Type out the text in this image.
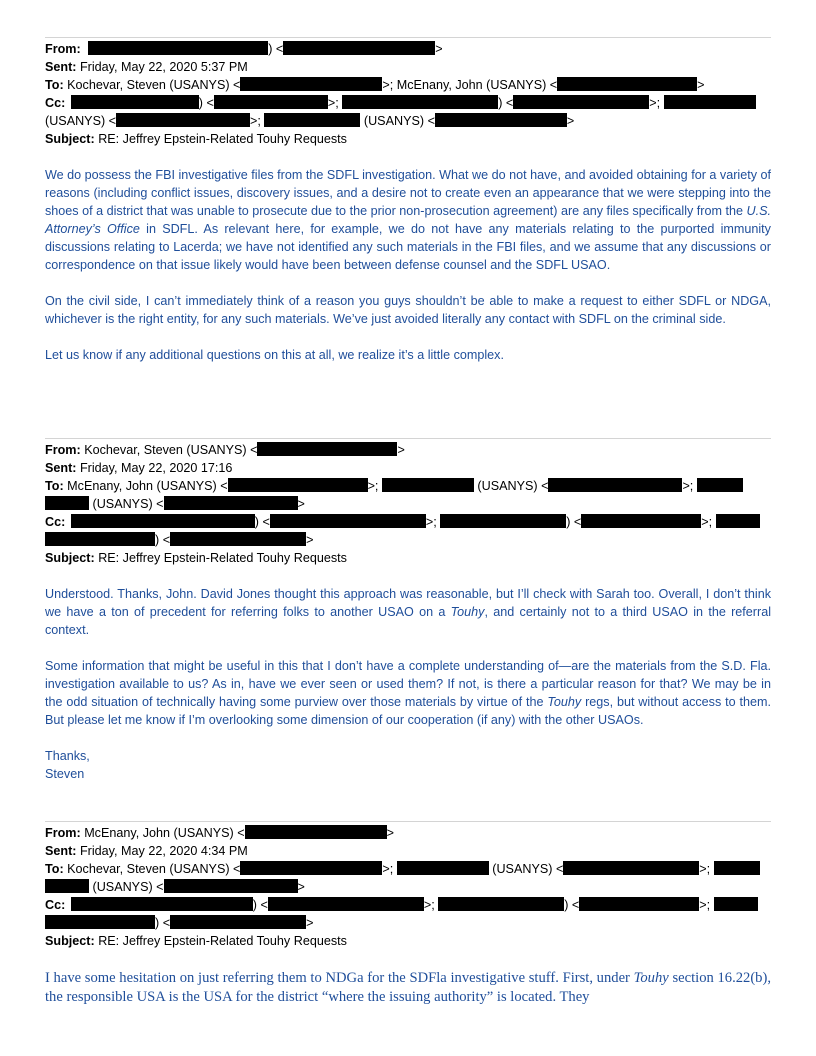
From:	) <	>
Sent: Friday, May 22, 2020 5:37 PM
To: Kochevar, Steven (USANYS) <	>; McEnany, John (USANYS) <	>
Cc:	) <	>;	) <	>;
(USANYS) <	>;	(USANYS) <	>
Subject: RE: Jeffrey Epstein-Related Touhy Requests

We do possess the FBI investigative files from the SDFL investigation. What we do not have, and avoided obtaining for a variety of reasons (including conflict issues, discovery issues, and a desire not to create even an appearance that we were stepping into the shoes of a district that was unable to prosecute due to the prior non-prosecution agreement) are any files specifically from the U.S. Attorney’s Office in SDFL. As relevant here, for example, we do not have any materials relating to the purported immunity discussions relating to Lacerda; we have not identified any such materials in the FBI files, and we assume that any discussions or correspondence on that issue likely would have been between defense counsel and the SDFL USAO.

On the civil side, I can’t immediately think of a reason you guys shouldn’t be able to make a request to either SDFL or NDGA, whichever is the right entity, for any such materials. We’ve just avoided literally any contact with SDFL on the criminal side.

Let us know if any additional questions on this at all, we realize it’s a little complex.

From: Kochevar, Steven (USANYS) <	>
Sent: Friday, May 22, 2020 17:16
To: McEnany, John (USANYS) <	>;	(USANYS) <	>;
(USANYS) <	>
Cc:	) <	>;	) <	>;
) <	>
Subject: RE: Jeffrey Epstein-Related Touhy Requests

Understood. Thanks, John. David Jones thought this approach was reasonable, but I’ll check with Sarah too. Overall, I don’t think we have a ton of precedent for referring folks to another USAO on a Touhy, and certainly not to a third USAO in the referral context.

Some information that might be useful in this that I don’t have a complete understanding of—are the materials from the S.D. Fla. investigation available to us? As in, have we ever seen or used them? If not, is there a particular reason for that? We may be in the odd situation of technically having some purview over those materials by virtue of the Touhy regs, but without access to them. But please let me know if I’m overlooking some dimension of our cooperation (if any) with the other USAOs.

Thanks,

Steven

From: McEnany, John (USANYS) <	>
Sent: Friday, May 22, 2020 4:34 PM
To: Kochevar, Steven (USANYS) <	>;	(USANYS) <	>;
(USANYS) <	>
Cc:	) <	>;	) <	>;
) <	>
Subject: RE: Jeffrey Epstein-Related Touhy Requests

I have some hesitation on just referring them to NDGa for the SDFla investigative stuff. First, under Touhy section 16.22(b), the responsible USA is the USA for the district “where the issuing authority” is located. They
